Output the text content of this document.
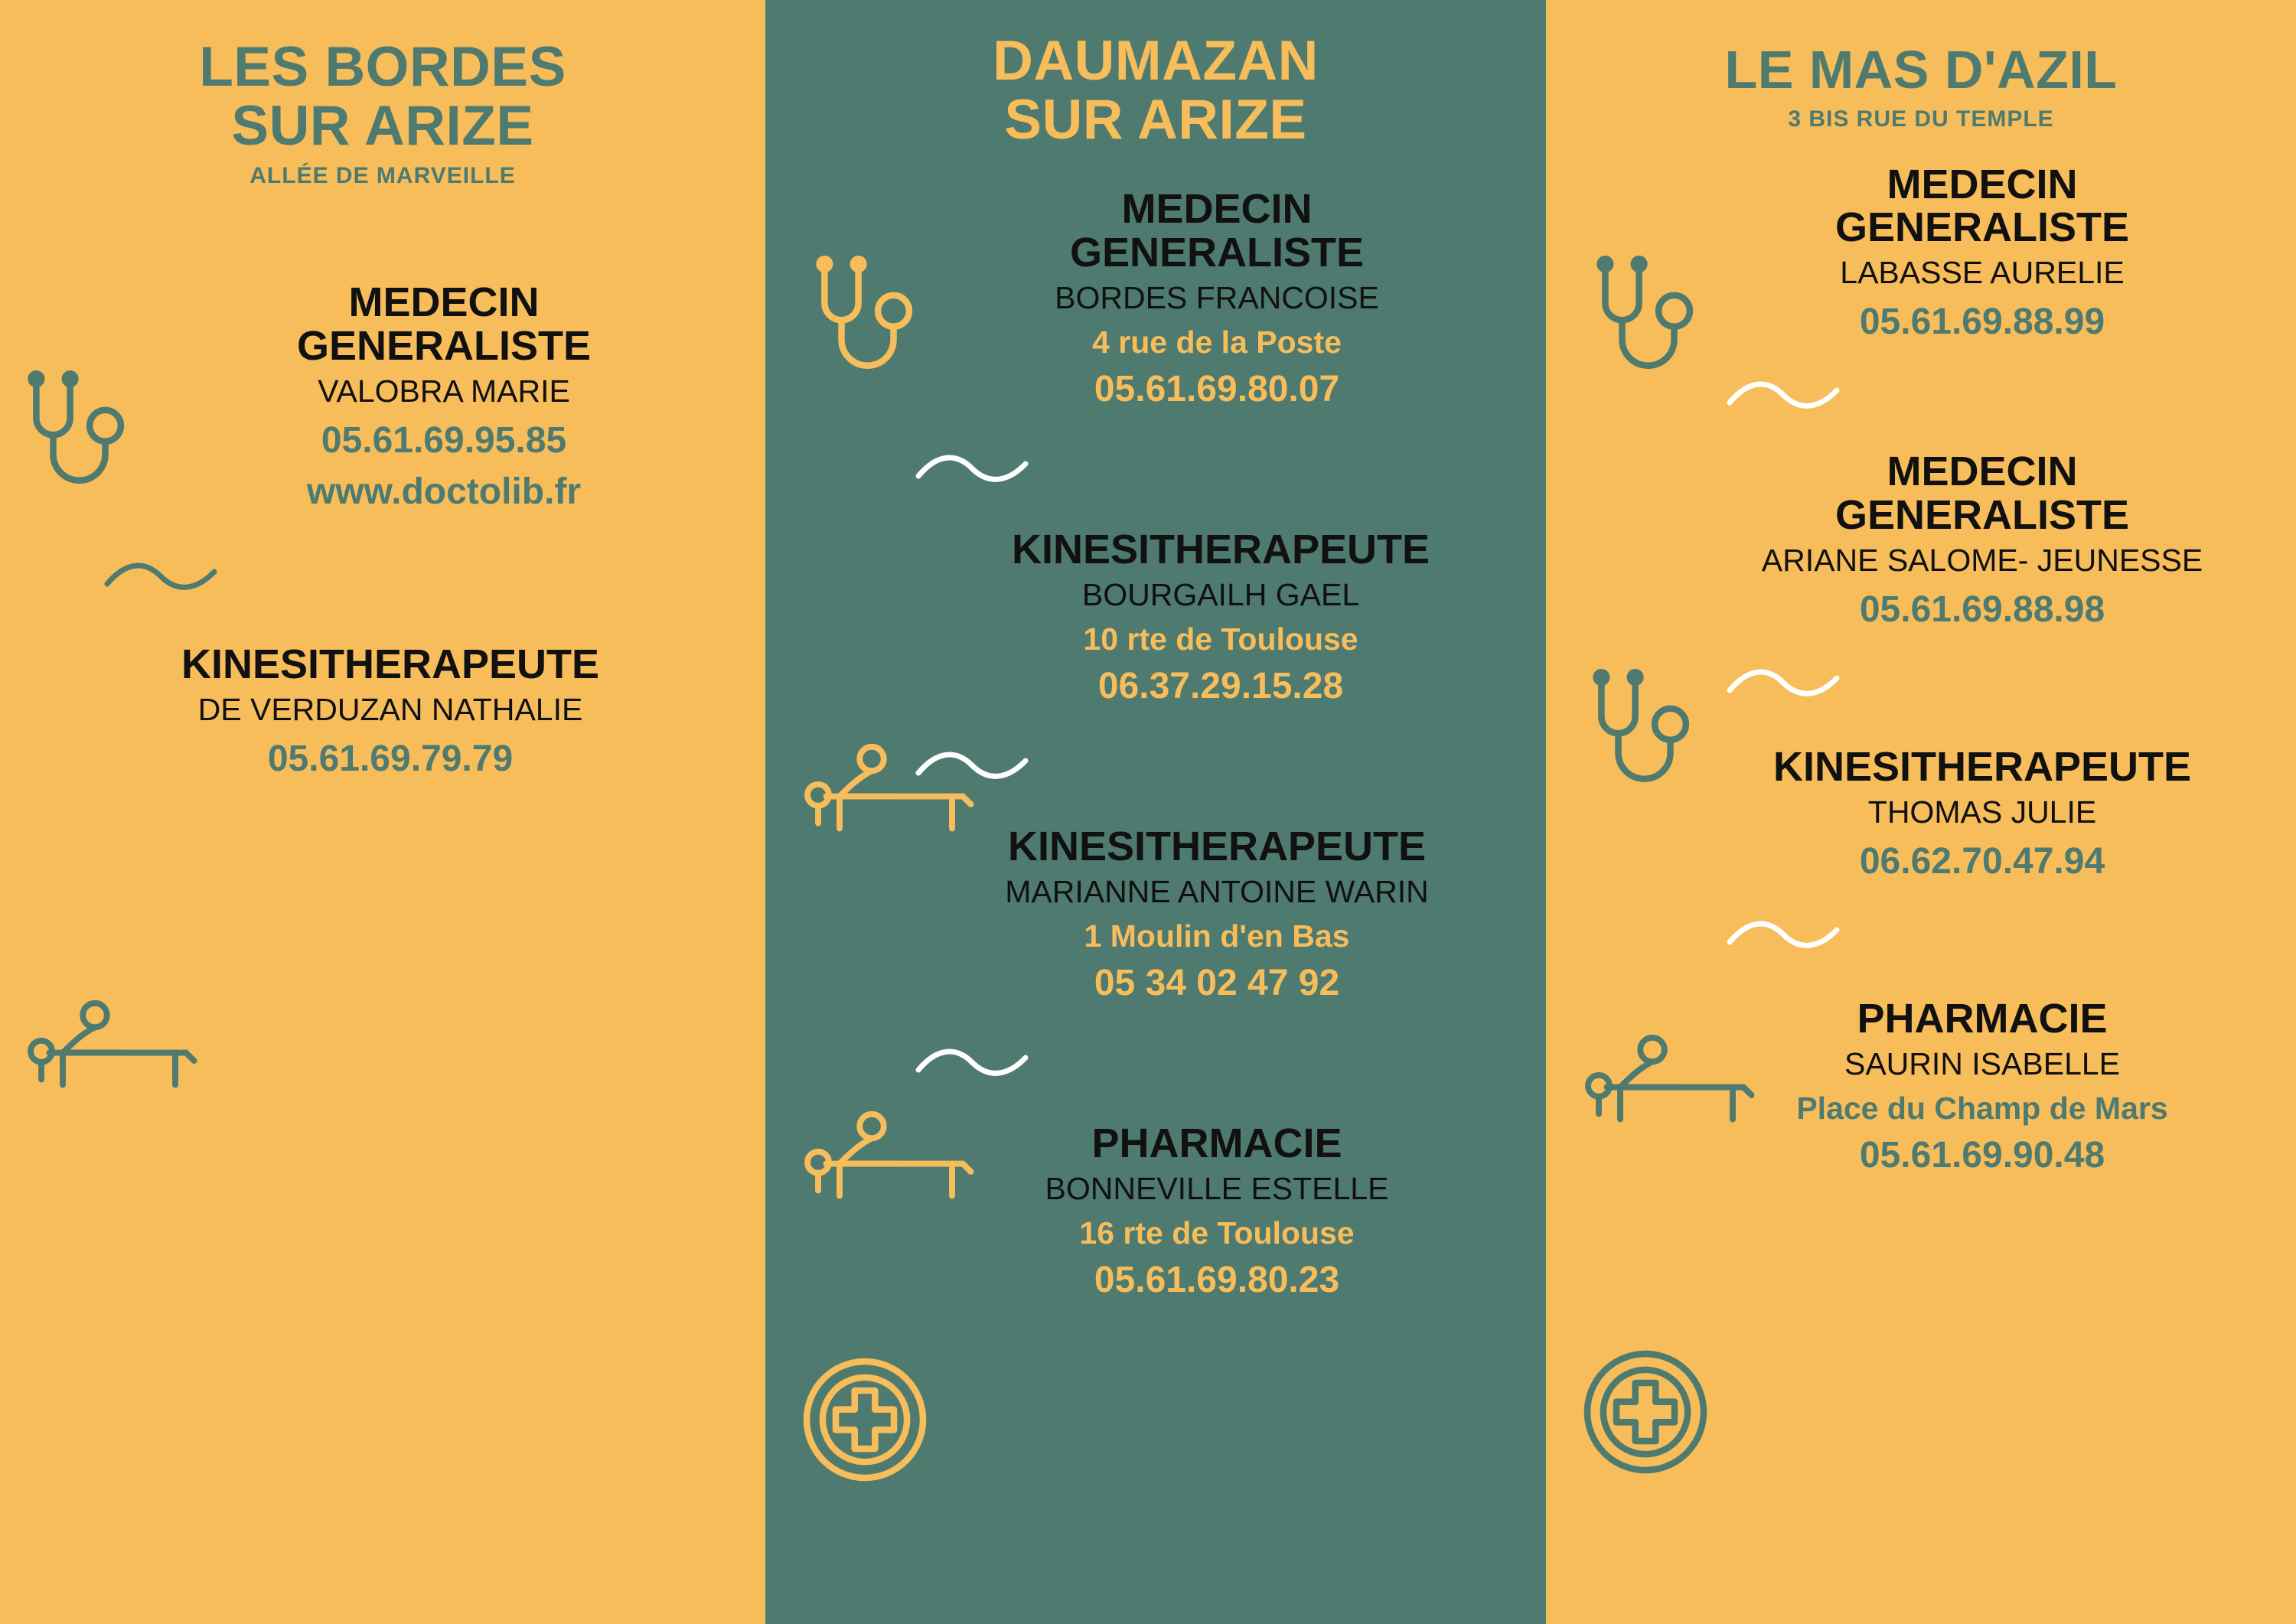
LES BORDES
SUR ARIZE
ALLÉE DE MARVEILLE
MEDECIN
GENERALISTE
VALOBRA MARIE
05.61.69.95.85
www.doctolib.fr
KINESITHERAPEUTE
DE VERDUZAN NATHALIE
05.61.69.79.79
DAUMAZAN
SUR ARIZE
MEDECIN
GENERALISTE
BORDES FRANCOISE
4 rue de la Poste
05.61.69.80.07
KINESITHERAPEUTE
BOURGAILH GAEL
10 rte de Toulouse
06.37.29.15.28
KINESITHERAPEUTE
MARIANNE ANTOINE WARIN
1 Moulin d'en Bas
05 34 02 47 92
PHARMACIE
BONNEVILLE ESTELLE
16 rte de Toulouse
05.61.69.80.23
LE MAS D'AZIL
3 BIS RUE DU TEMPLE
MEDECIN
GENERALISTE
LABASSE AURELIE
05.61.69.88.99
MEDECIN
GENERALISTE
ARIANE SALOME- JEUNESSE
05.61.69.88.98
KINESITHERAPEUTE
THOMAS JULIE
06.62.70.47.94
PHARMACIE
SAURIN ISABELLE
Place du Champ de Mars
05.61.69.90.48
